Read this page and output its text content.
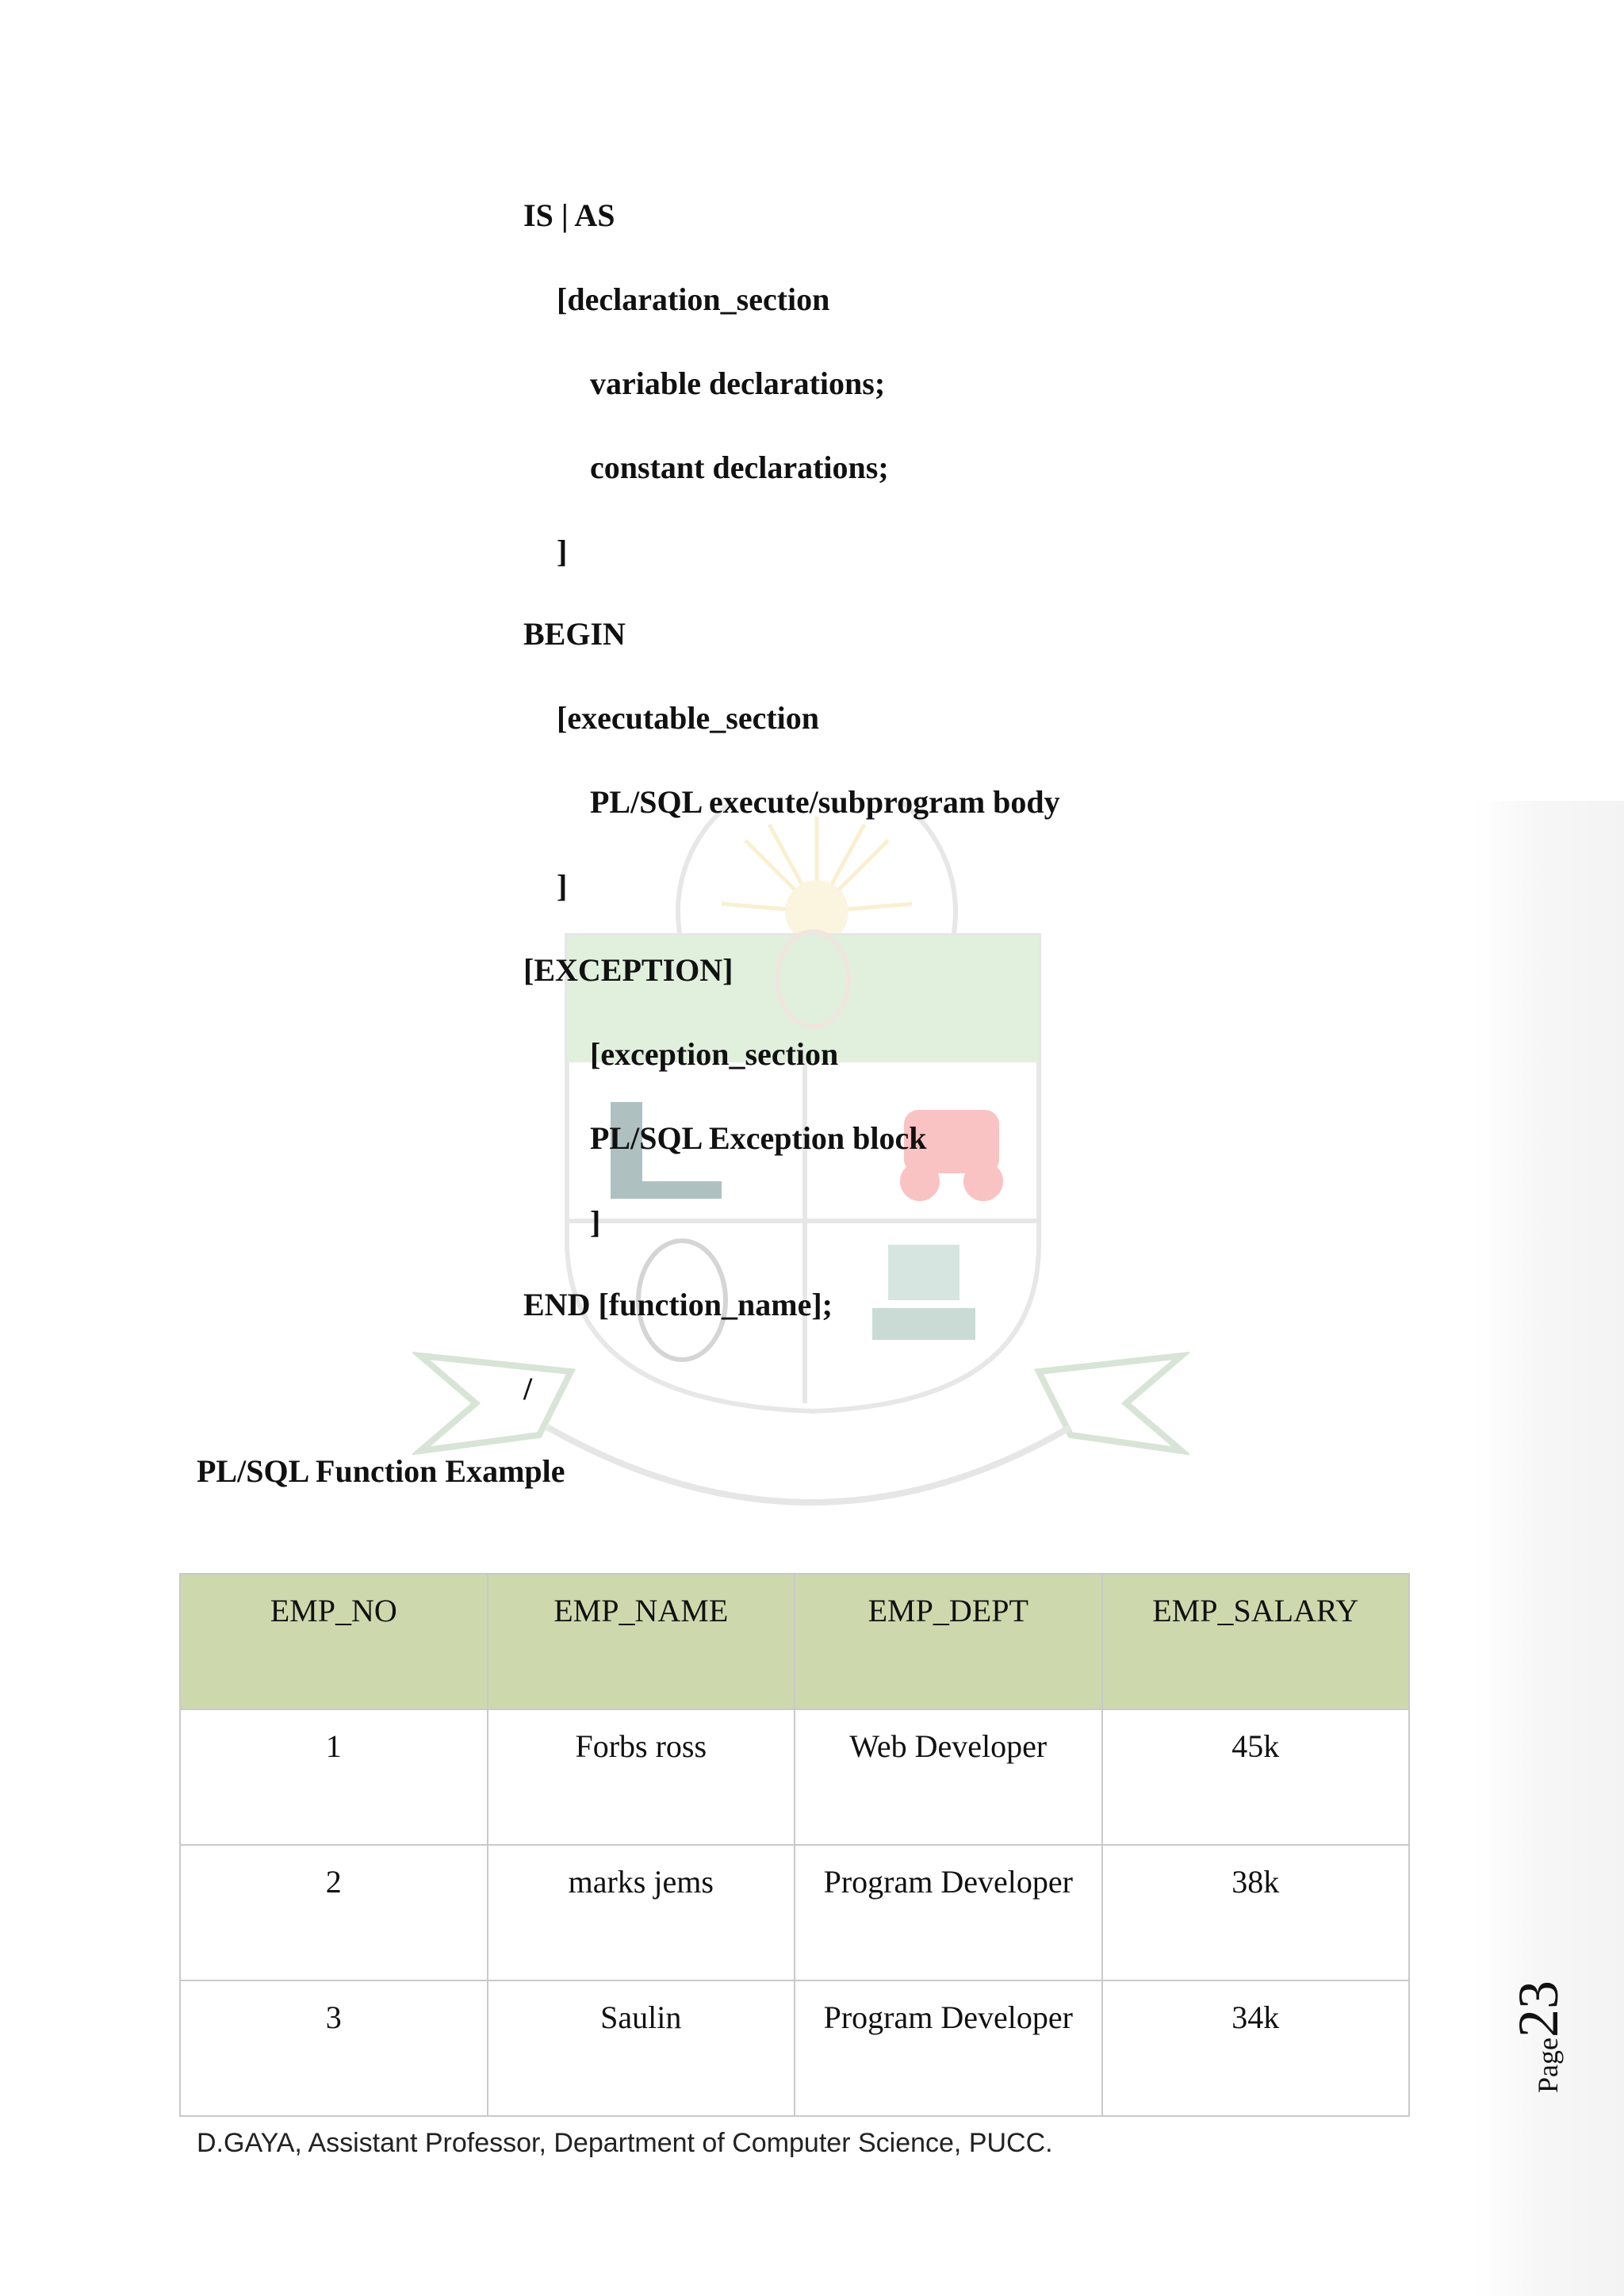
IS | AS
[declaration_section
variable declarations;
constant declarations;
]
BEGIN
[executable_section
PL/SQL execute/subprogram body
]
[EXCEPTION]
[exception_section
PL/SQL Exception block
]
END [function_name];
/
PL/SQL Function Example
EMP_NO	EMP_NAME	EMP_DEPT	EMP_SALARY
1	Forbs ross	Web Developer	45k
2	marks jems	Program Developer	38k
3	Saulin	Program Developer	34k
Page23
D.GAYA, Assistant Professor, Department of Computer Science, PUCC.
